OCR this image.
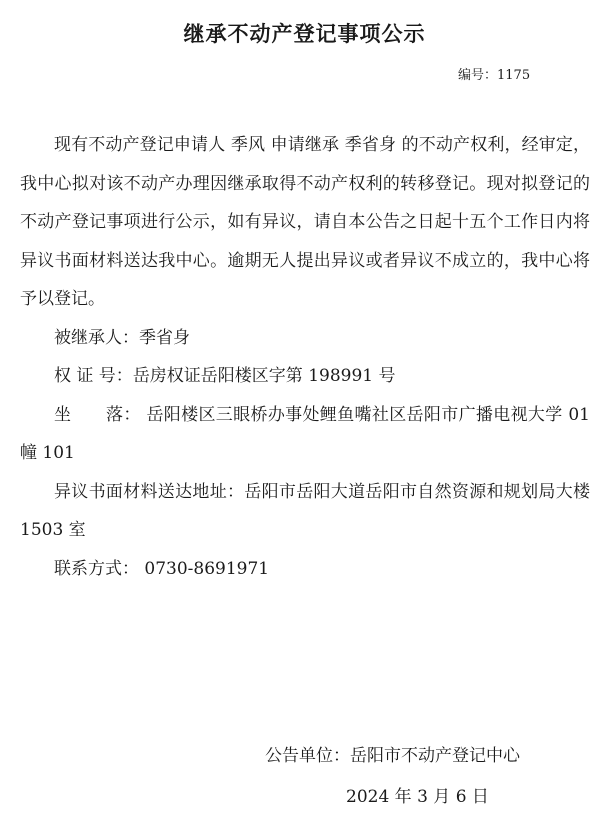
继承不动产登记事项公示
编号：1175

现有不动产登记申请人 季风 申请继承 季省身 的不动产权利，经审定，我中心拟对该不动产办理因继承取得不动产权利的转移登记。现对拟登记的不动产登记事项进行公示，如有异议，请自本公告之日起十五个工作日内将异议书面材料送达我中心。逾期无人提出异议或者异议不成立的，我中心将予以登记。

被继承人：季省身

权 证 号：岳房权证岳阳楼区字第 198991 号

坐　　落： 岳阳楼区三眼桥办事处鲤鱼嘴社区岳阳市广播电视大学 01 幢 101

异议书面材料送达地址：岳阳市岳阳大道岳阳市自然资源和规划局大楼 1503 室

联系方式： 0730-8691971

公告单位：岳阳市不动产登记中心
2024 年 3 月 6 日
